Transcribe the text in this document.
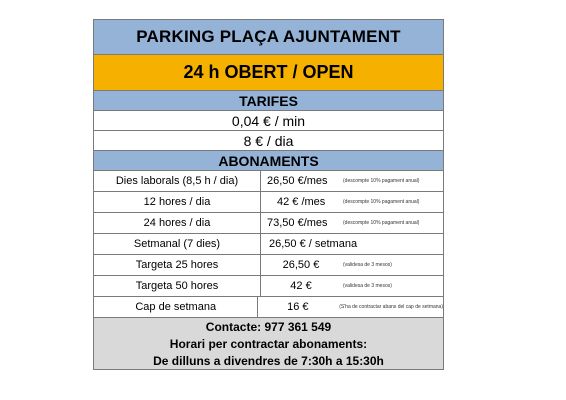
PARKING PLAÇA AJUNTAMENT
24 h OBERT / OPEN
TARIFES
0,04 € / min
8 € / dia
ABONAMENTS
Dies laborals (8,5 h / dia)	26,50 €/mes	(descompte 10% pagament anual)
12 hores / dia	42 € /mes	(descompte 10% pagament anual)
24 hores / dia	73,50 €/mes	(descompte 10% pagament anual)
Setmanal (7 dies)	26,50 € / setmana
Targeta 25 hores	26,50 €	(validesa de 3 mesos)
Targeta 50 hores	42 €	(validesa de 3 mesos)
Cap de setmana	16 €	(S'ha de contractar abans del cap de setmana)
Contacte: 977 361 549
Horari per contractar abonaments:
De dilluns a divendres de 7:30h a 15:30h
